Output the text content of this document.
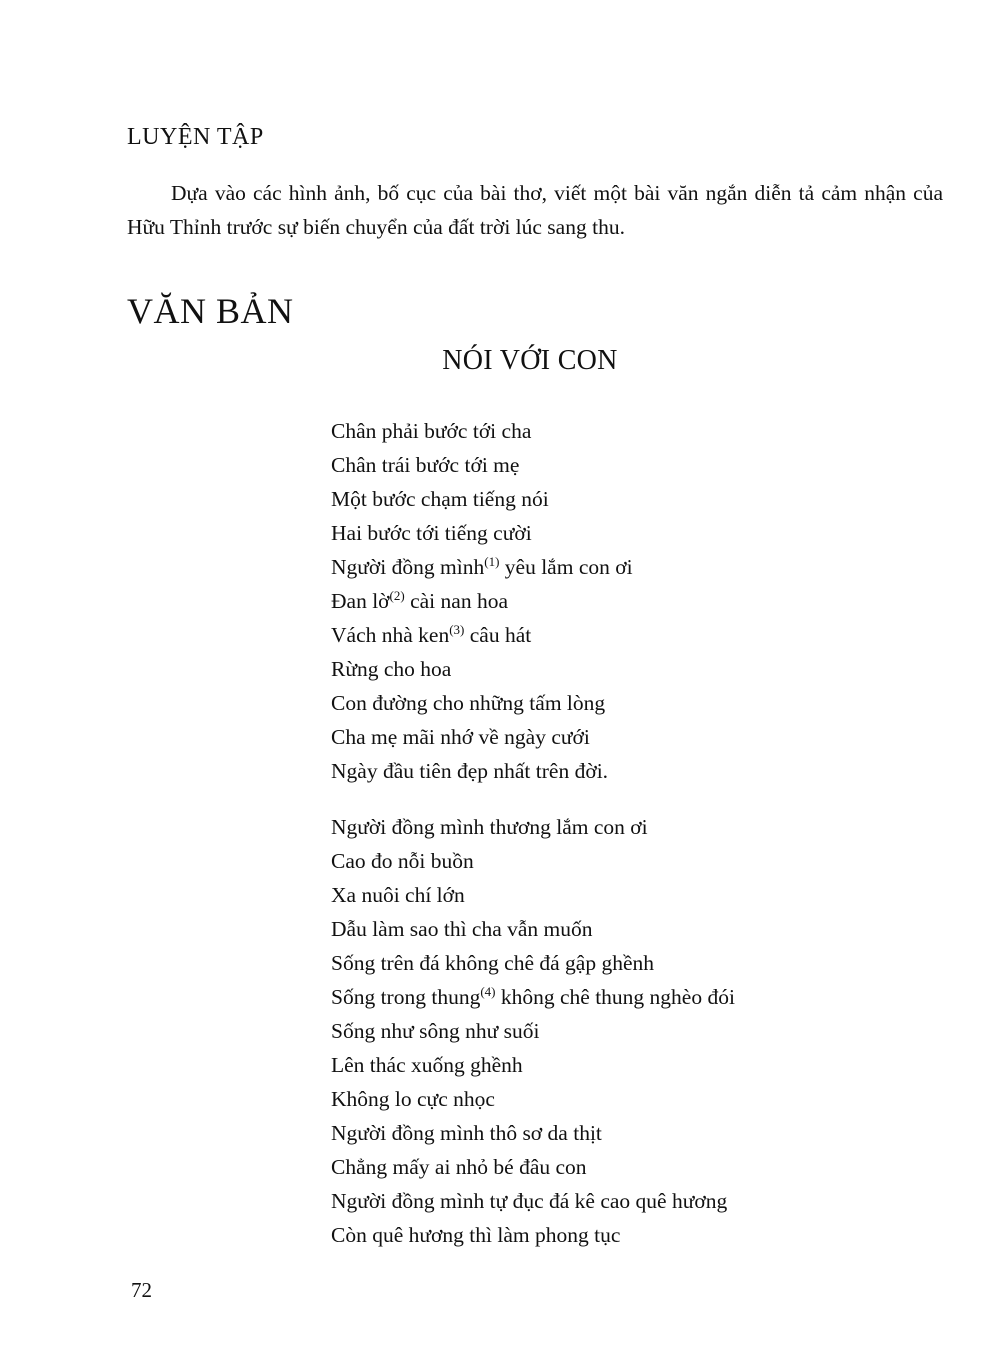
LUYỆN TẬP

Dựa vào các hình ảnh, bố cục của bài thơ, viết một bài văn ngắn diễn tả cảm nhận của Hữu Thỉnh trước sự biến chuyển của đất trời lúc sang thu.

VĂN BẢN
NÓI VỚI CON
Chân phải bước tới cha
Chân trái bước tới mẹ
Một bước chạm tiếng nói
Hai bước tới tiếng cười
Người đồng mình$^{(1)}$ yêu lắm con ơi
Đan lờ$^{(2)}$ cài nan hoa
Vách nhà ken$^{(3)}$ câu hát
Rừng cho hoa
Con đường cho những tấm lòng
Cha mẹ mãi nhớ về ngày cưới
Ngày đầu tiên đẹp nhất trên đời.
Người đồng mình thương lắm con ơi
Cao đo nỗi buồn
Xa nuôi chí lớn
Dẫu làm sao thì cha vẫn muốn
Sống trên đá không chê đá gập ghềnh
Sống trong thung$^{(4)}$ không chê thung nghèo đói
Sống như sông như suối
Lên thác xuống ghềnh
Không lo cực nhọc
Người đồng mình thô sơ da thịt
Chẳng mấy ai nhỏ bé đâu con
Người đồng mình tự đục đá kê cao quê hương
Còn quê hương thì làm phong tục

72
